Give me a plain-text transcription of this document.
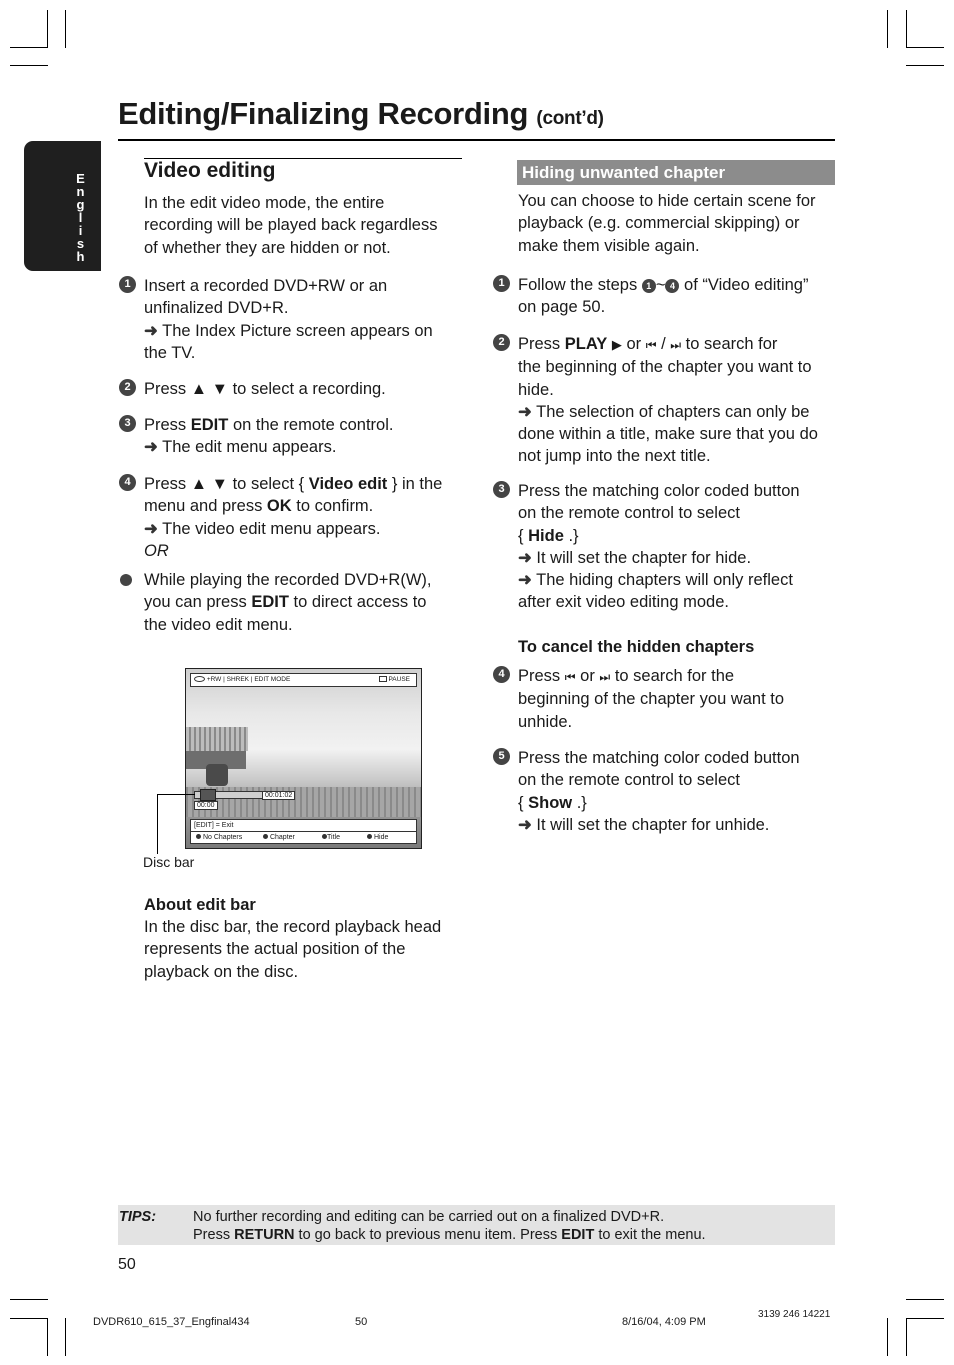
Editing/Finalizing Recording (cont’d)
E
n
g
l
i
s
h
Video editing
In the edit video mode, the entire
recording will be played back regardless
of whether they are hidden or not.
1 Insert a recorded DVD+RW or an
unfinalized DVD+R.
➜ The Index Picture screen appears on
the TV.
2 Press ▲ ▼ to select a recording.
3 Press EDIT on the remote control.
➜ The edit menu appears.
4 Press ▲ ▼ to select { Video edit } in the
menu and press OK to confirm.
➜ The video edit menu appears.
OR
While playing the recorded DVD+R(W),
you can press EDIT to direct access to
the video edit menu.
+RW | SHREK | EDIT MODE	PAUSE
00:00
00:01:02
[EDIT] = Exit
No Chapters	Chapter	Title	Hide
Disc bar
About edit bar
In the disc bar, the record playback head
represents the actual position of the
playback on the disc.
Hiding unwanted chapter
You can choose to hide certain scene for
playback (e.g. commercial skipping) or
make them visible again.
1 Follow the steps 1 ~ 4 of “Video editing”
on page 50.
2 Press PLAY ▶ or ⏮ / ⏭ to search for
the beginning of the chapter you want to
hide.
➜ The selection of chapters can only be
done within a title, make sure that you do
not jump into the next title.
3 Press the matching color coded button
on the remote control to select
{ Hide .}
➜ It will set the chapter for hide.
➜ The hiding chapters will only reflect
after exit video editing mode.
To cancel the hidden chapters
4 Press ⏮ or ⏭ to search for the
beginning of the chapter you want to
unhide.
5 Press the matching color coded button
on the remote control to select
{ Show .}
➜ It will set the chapter for unhide.
TIPS:	No further recording and editing can be carried out on a finalized DVD+R.
Press RETURN to go back to previous menu item. Press EDIT to exit the menu.
50
DVDR610_615_37_Engfinal434	50	8/16/04, 4:09 PM
3139 246 14221
